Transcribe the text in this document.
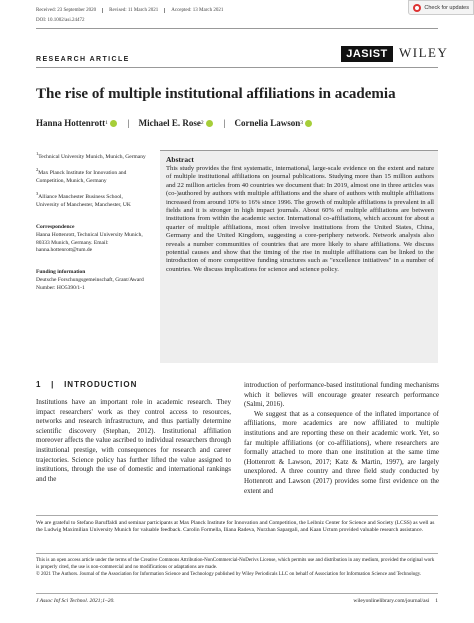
Received: 23 September 2020	Revised: 11 March 2021	Accepted: 13 March 2021
DOI: 10.1002/asi.24472
Check for updates
RESEARCH ARTICLE	JASIST WILEY
The rise of multiple institutional affiliations in academia
Hanna Hottenrott 1 | Michael E. Rose 2 | Cornelia Lawson 3
$^1$Technical University Munich, Munich, Germany
$^2$Max Planck Institute for Innovation and Competition, Munich, Germany
$^3$Alliance Manchester Business School, University of Manchester, Manchester, UK
Correspondence
Hanna Hottenrott, Technical University Munich, 80333 Munich, Germany. Email: hanna.hottenrott@tum.de
Funding information
Deutsche Forschungsgemeinschaft, Grant/Award Number: HO5390/1-1
Abstract
This study provides the first systematic, international, large-scale evidence on the extent and nature of multiple institutional affiliations on journal publications. Studying more than 15 million authors and 22 million articles from 40 countries we document that: In 2019, almost one in three articles was (co-)authored by authors with multiple affiliations and the share of authors with multiple affiliations increased from around 10% to 16% since 1996. The growth of multiple affiliations is prevalent in all fields and it is stronger in high impact journals. About 60% of multiple affiliations are between institutions from within the academic sector. International co-affiliations, which account for about a quarter of multiple affiliations, most often involve institutions from the United States, China, Germany and the United Kingdom, suggesting a core-periphery network. Network analysis also reveals a number communities of countries that are more likely to share affiliations. We discuss potential causes and show that the timing of the rise in multiple affiliations can be linked to the introduction of more competitive funding structures such as "excellence initiatives" in a number of countries. We discuss implications for science and science policy.
1   |   INTRODUCTION
Institutions have an important role in academic research. They impact researchers' work as they control access to resources, networks and research infrastructure, and thus partially determine scientific discovery (Stephan, 2012). Institutional affiliation moreover affects the value ascribed to individual researchers through institutional prestige, with consequences for research and career trajectories. Science policy has further lifted the value assigned to institutions, through the use of domestic and international rankings and the

introduction of performance-based institutional funding mechanisms which it believes will encourage greater research performance (Salmi, 2016).

We suggest that as a consequence of the inflated importance of affiliations, more academics are now affiliated to multiple institutions and are reporting these on their academic work. Yet, so far multiple affiliations (or co-affiliations), where researchers are formally attached to more than one institution at the same time (Hottenrott & Lawson, 2017; Katz & Martin, 1997), are largely unexplored. A three country and three field study conducted by Hottenrott and Lawson (2017) provides some first evidence on the extent and

We are grateful to Stefano Baruffaldi and seminar participants at Max Planck Institute for Innovation and Competition, the Leibniz Center for Science and Society (LCSS) as well as the Ludwig Maximilian University Munich for valuable feedback. Carolin Formella, Iliana Radeva, Nurzhan Sapargali, and Kaan Uctum provided valuable research assistance.
This is an open access article under the terms of the Creative Commons Attribution-NonCommercial-NoDerivs License, which permits use and distribution in any medium, provided the original work is properly cited, the use is non-commercial and no modifications or adaptations are made.
© 2021 The Authors. Journal of the Association for Information Science and Technology published by Wiley Periodicals LLC on behalf of Association for Information Science and Technology.
J Assoc Inf Sci Technol. 2021;1–20.	wileyonlinelibrary.com/journal/asi 1
